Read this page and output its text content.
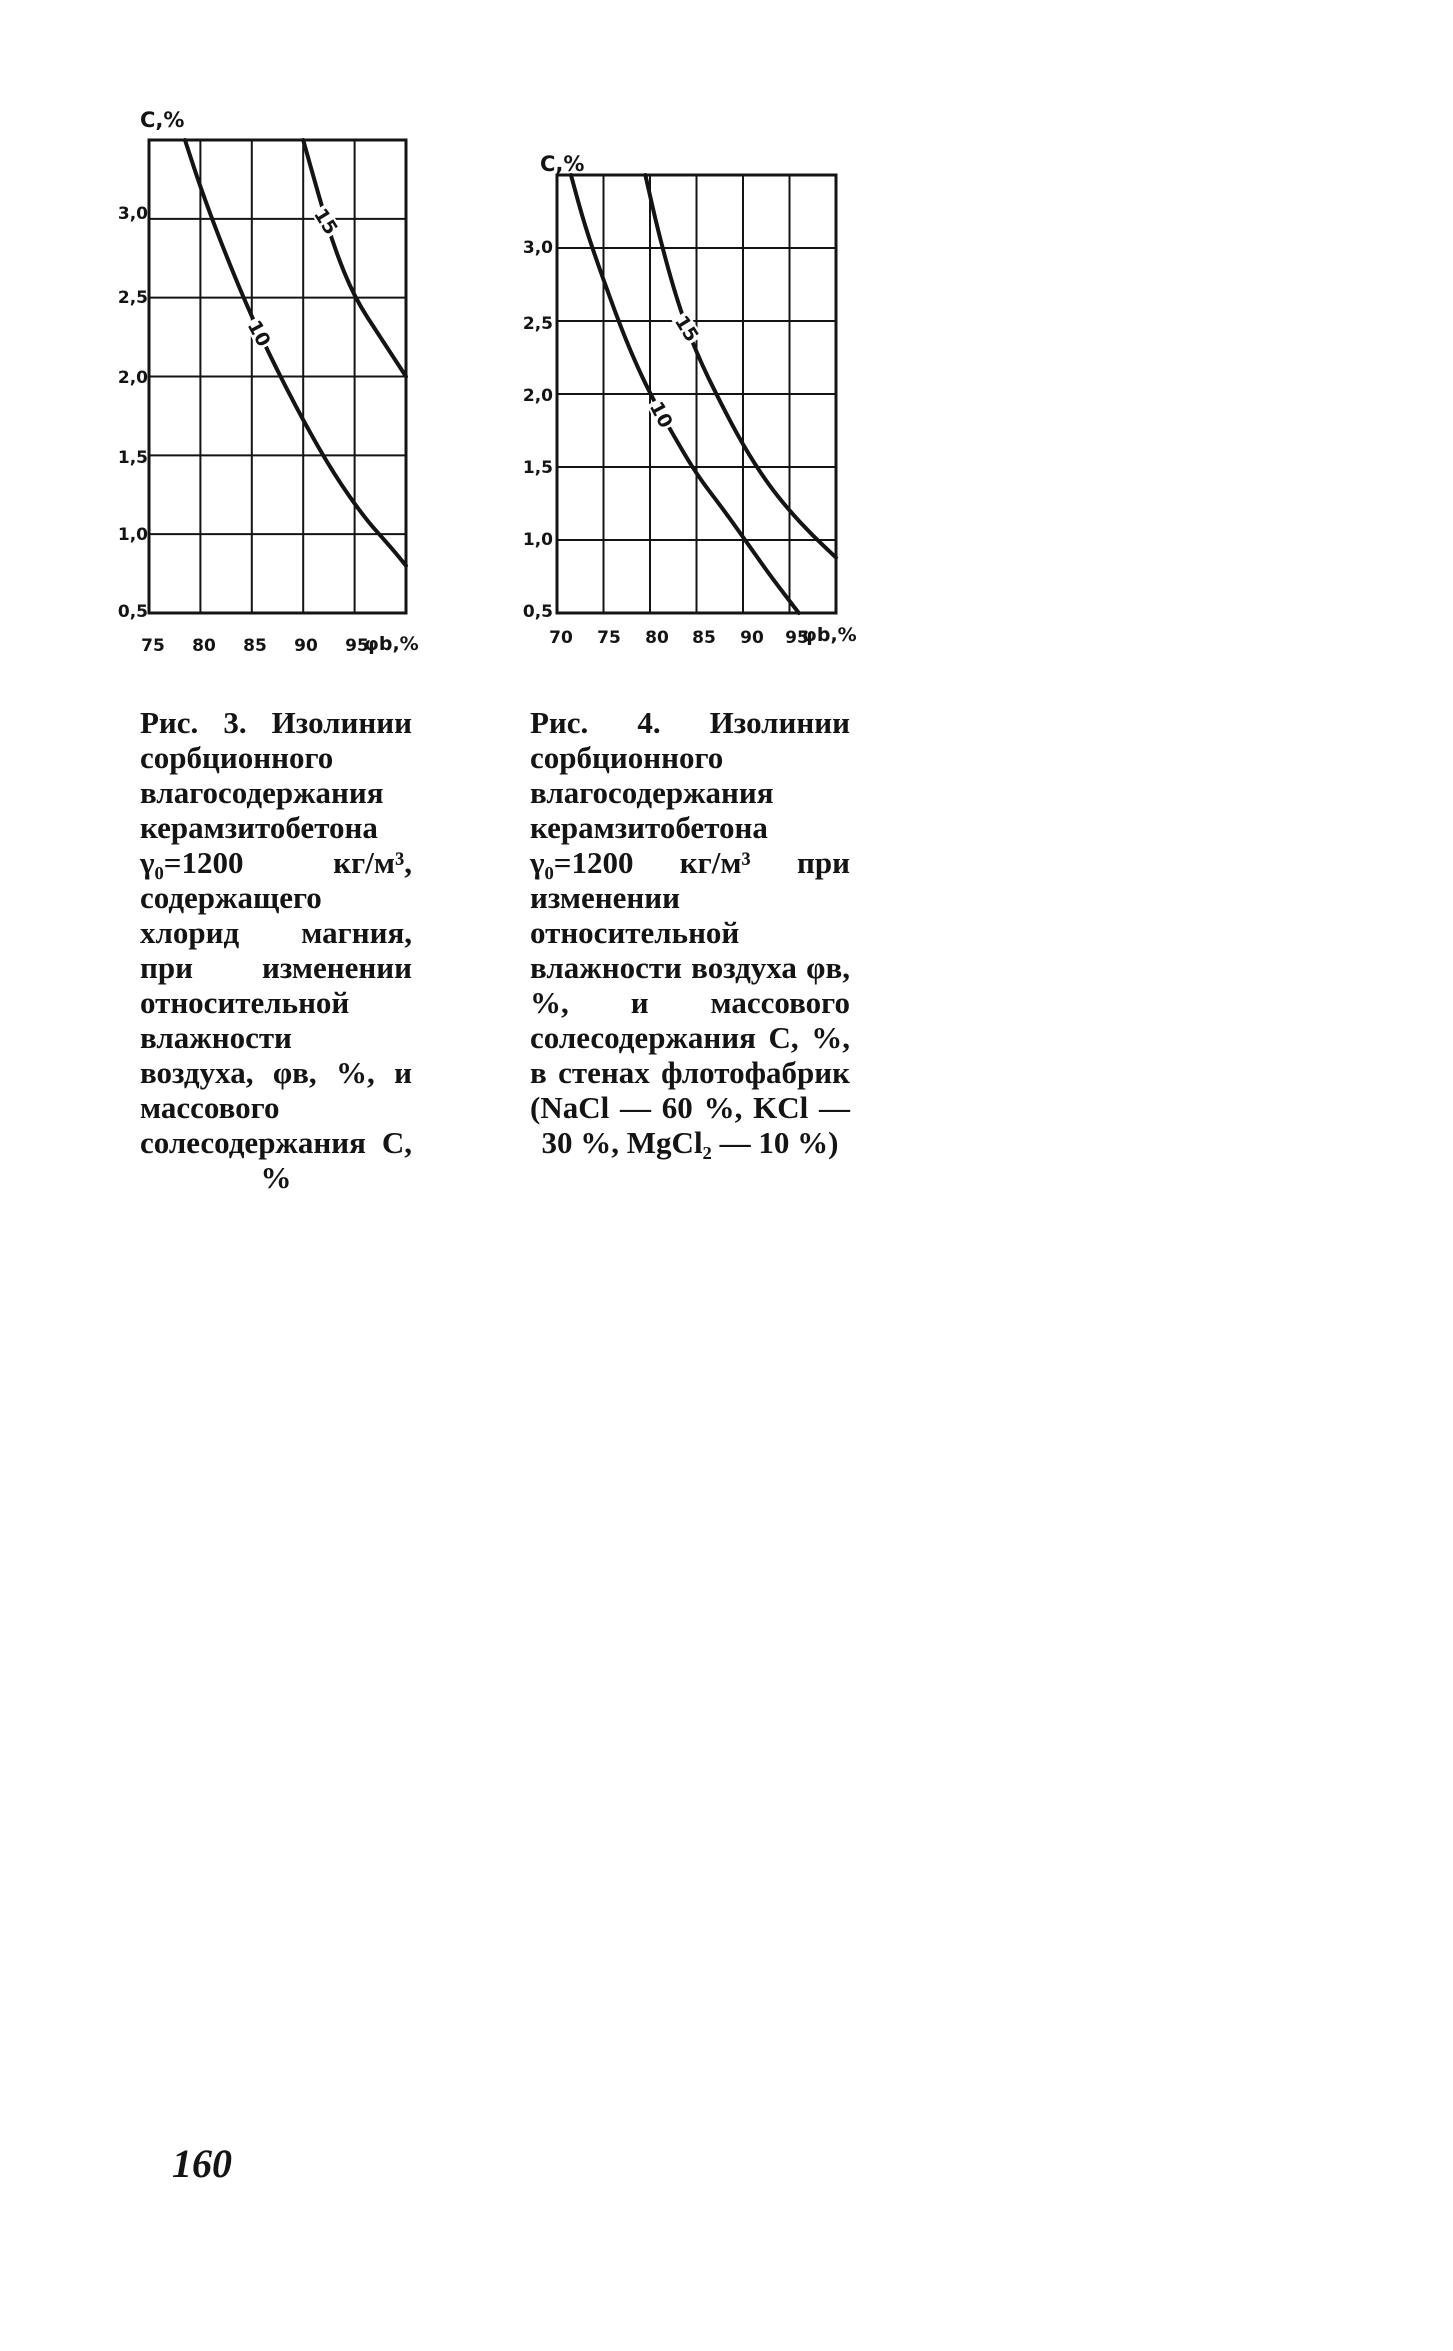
C,%
3,0
2,5
2,0
1,5
1,0
0,5
75	80	85	90	95
φb,%
10
15
C,%
3,0
2,5
2,0
1,5
1,0
0,5
70	75	80	85	90	95
φb,%
10
15

Рис. 3. Изолинии сорбционного влагосодержания керамзитобетона γ₀=1200 кг/м³, содержащего хлорид магния, при изменении относительной влажности воздуха, φв, %, и массового солесодержания С, %

Рис. 4. Изолинии сорбционного влагосодержания керамзитобетона γ₀=1200 кг/м³ при изменении относительной влажности воздуха φв, %, и массового солесодержания С, %, в стенах флотофабрик (NaCl — 60 %, KCl — 30 %, MgCl₂ — 10 %)

160
